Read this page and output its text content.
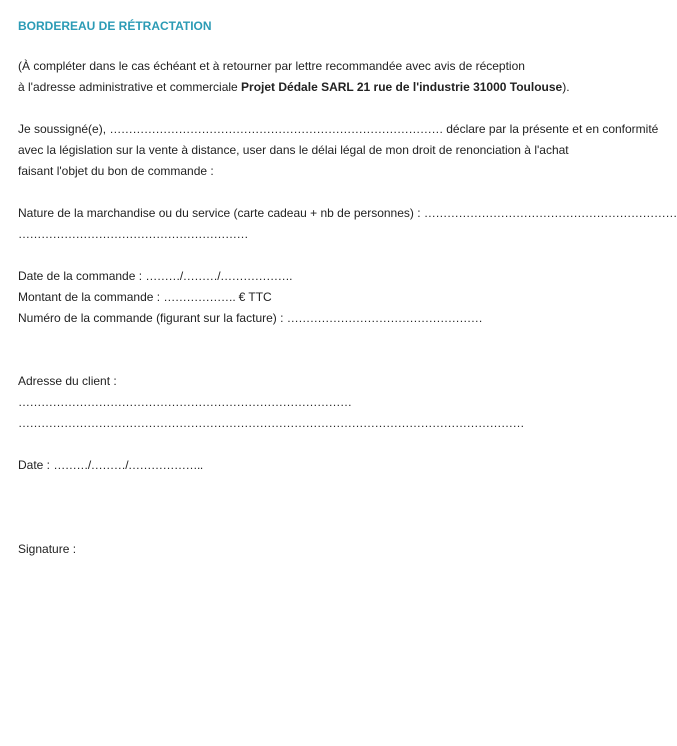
BORDEREAU DE RÉTRACTATION

(À compléter dans le cas échéant et à retourner par lettre recommandée avec avis de réception

à l'adresse administrative et commerciale Projet Dédale SARL 21 rue de l'industrie 31000 Toulouse).

Je soussigné(e), …………………………………………………………………………… déclare par la présente et en conformité

avec la législation sur la vente à distance, user dans le délai légal de mon droit de renonciation à l'achat

faisant l'objet du bon de commande :

Nature de la marchandise ou du service (carte cadeau + nb de personnes) : …………………………………………………………

……………………………………………………

Date de la commande : ………/………/……………….

Montant de la commande : ………………. € TTC

Numéro de la commande (figurant sur la facture) : ……………………………………………

Adresse du client :

……………………………………………………………………………

……………………………………………………………………………………………………………………

Date : ………/………/………………..

Signature :
